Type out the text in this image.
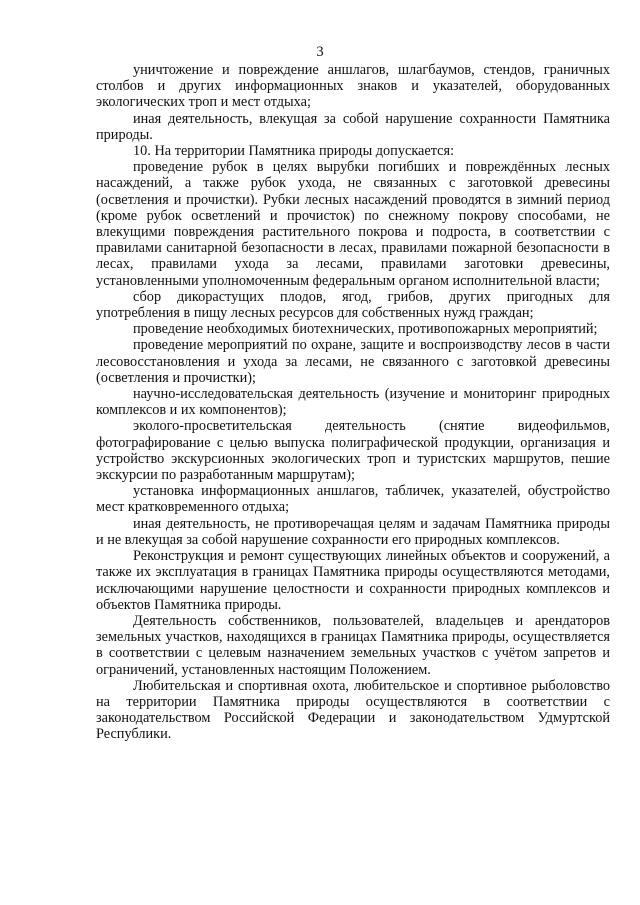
3

уничтожение и повреждение аншлагов, шлагбаумов, стендов, граничных столбов и других информационных знаков и указателей, оборудованных экологических троп и мест отдыха;

иная деятельность, влекущая за собой нарушение сохранности Памятника природы.

10. На территории Памятника природы допускается:

проведение рубок в целях вырубки погибших и повреждённых лесных насаждений, а также рубок ухода, не связанных с заготовкой древесины (осветления и прочистки). Рубки лесных насаждений проводятся в зимний период (кроме рубок осветлений и прочисток) по снежному покрову способами, не влекущими повреждения растительного покрова и подроста, в соответствии с правилами санитарной безопасности в лесах, правилами пожарной безопасности в лесах, правилами ухода за лесами, правилами заготовки древесины, установленными уполномоченным федеральным органом исполнительной власти;

сбор дикорастущих плодов, ягод, грибов, других пригодных для употребления в пищу лесных ресурсов для собственных нужд граждан;

проведение необходимых биотехнических, противопожарных мероприятий;

проведение мероприятий по охране, защите и воспроизводству лесов в части лесовосстановления и ухода за лесами, не связанного с заготовкой древесины (осветления и прочистки);

научно-исследовательская деятельность (изучение и мониторинг природных комплексов и их компонентов);

эколого-просветительская деятельность (снятие видеофильмов, фотографирование с целью выпуска полиграфической продукции, организация и устройство экскурсионных экологических троп и туристских маршрутов, пешие экскурсии по разработанным маршрутам);

установка информационных аншлагов, табличек, указателей, обустройство мест кратковременного отдыха;

иная деятельность, не противоречащая целям и задачам Памятника природы и не влекущая за собой нарушение сохранности его природных комплексов.

Реконструкция и ремонт существующих линейных объектов и сооружений, а также их эксплуатация в границах Памятника природы осуществляются методами, исключающими нарушение целостности и сохранности природных комплексов и объектов Памятника природы.

Деятельность собственников, пользователей, владельцев и арендаторов земельных участков, находящихся в границах Памятника природы, осуществляется в соответствии с целевым назначением земельных участков с учётом запретов и ограничений, установленных настоящим Положением.

Любительская и спортивная охота, любительское и спортивное рыболовство на территории Памятника природы осуществляются в соответствии с законодательством Российской Федерации и законодательством Удмуртской Республики.
